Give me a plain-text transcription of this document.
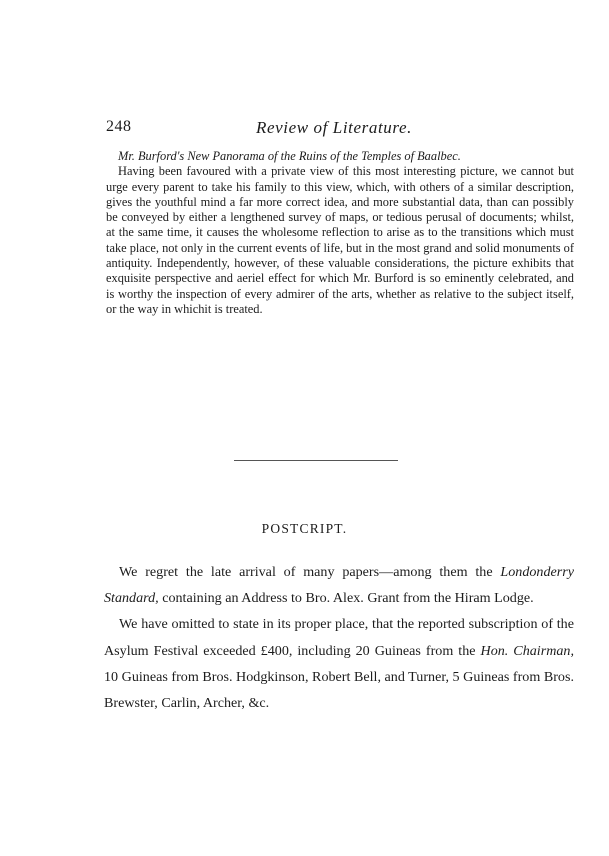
248	Review of Literature.

Mr. Burford's New Panorama of the Ruins of the Temples of Baalbec.

Having been favoured with a private view of this most interesting picture, we cannot but urge every parent to take his family to this view, which, with others of a similar description, gives the youthful mind a far more correct idea, and more substantial data, than can possibly be conveyed by either a lengthened survey of maps, or tedious perusal of documents; whilst, at the same time, it causes the wholesome reflection to arise as to the transitions which must take place, not only in the current events of life, but in the most grand and solid monuments of antiquity. Independently, however, of these valuable considerations, the picture exhibits that exquisite perspective and aeriel effect for which Mr. Burford is so eminently celebrated, and is worthy the inspection of every admirer of the arts, whether as relative to the subject itself, or the way in whichit is treated.

POSTCRIPT.

We regret the late arrival of many papers—among them the Londonderry Standard, containing an Address to Bro. Alex. Grant from the Hiram Lodge.

We have omitted to state in its proper place, that the reported subscription of the Asylum Festival exceeded £400, including 20 Guineas from the Hon. Chairman, 10 Guineas from Bros. Hodgkinson, Robert Bell, and Turner, 5 Guineas from Bros. Brewster, Carlin, Archer, &c.
